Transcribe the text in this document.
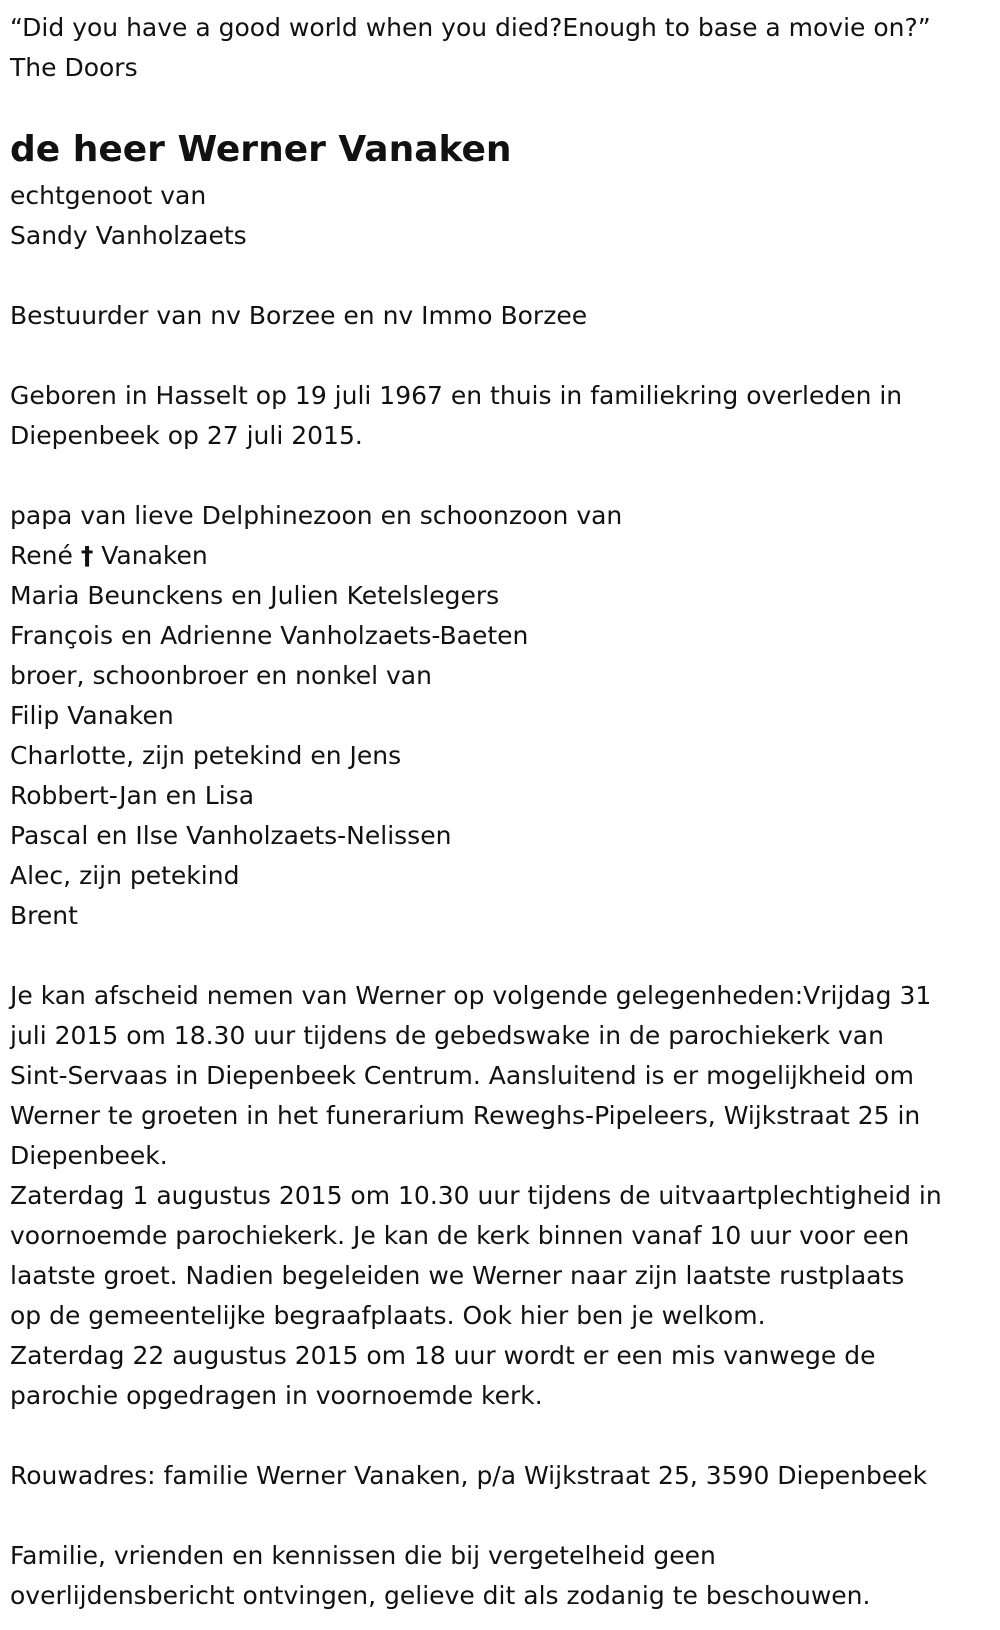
“Did you have a good world when you died?Enough to base a movie on?”
The Doors
de heer Werner Vanaken
echtgenoot van
Sandy Vanholzaets
Bestuurder van nv Borzee en nv Immo Borzee
Geboren in Hasselt op 19 juli 1967 en thuis in familiekring overleden in
Diepenbeek op 27 juli 2015.
papa van lieve Delphinezoon en schoonzoon van
René † Vanaken
Maria Beunckens en Julien Ketelslegers
François en Adrienne Vanholzaets-Baeten
broer, schoonbroer en nonkel van
Filip Vanaken
Charlotte, zijn petekind en Jens
Robbert-Jan en Lisa
Pascal en Ilse Vanholzaets-Nelissen
Alec, zijn petekind
Brent
Je kan afscheid nemen van Werner op volgende gelegenheden:Vrijdag 31
juli 2015 om 18.30 uur tijdens de gebedswake in de parochiekerk van
Sint-Servaas in Diepenbeek Centrum. Aansluitend is er mogelijkheid om
Werner te groeten in het funerarium Reweghs-Pipeleers, Wijkstraat 25 in
Diepenbeek.
Zaterdag 1 augustus 2015 om 10.30 uur tijdens de uitvaartplechtigheid in
voornoemde parochiekerk. Je kan de kerk binnen vanaf 10 uur voor een
laatste groet. Nadien begeleiden we Werner naar zijn laatste rustplaats
op de gemeentelijke begraafplaats. Ook hier ben je welkom.
Zaterdag 22 augustus 2015 om 18 uur wordt er een mis vanwege de
parochie opgedragen in voornoemde kerk.
Rouwadres: familie Werner Vanaken, p/a Wijkstraat 25, 3590 Diepenbeek
Familie, vrienden en kennissen die bij vergetelheid geen
overlijdensbericht ontvingen, gelieve dit als zodanig te beschouwen.
